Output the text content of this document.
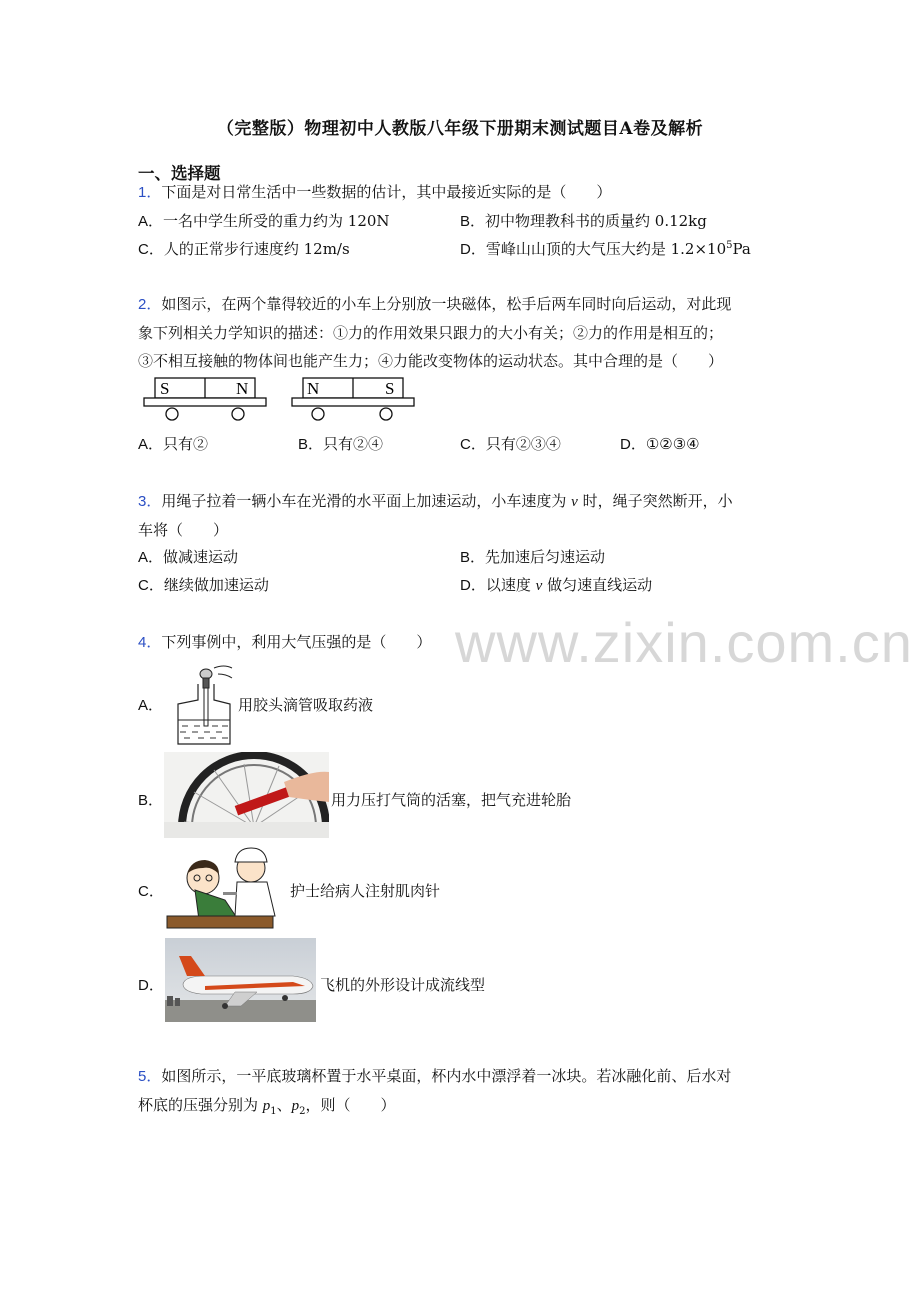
（完整版）物理初中人教版八年级下册期末测试题目A卷及解析
一、选择题
www.zixin.com.cn
1．下面是对日常生活中一些数据的估计，其中最接近实际的是（　　）
A．一名中学生所受的重力约为 120N	B．初中物理教科书的质量约 0.12kg
C．人的正常步行速度约 12m/s	D．雪峰山山顶的大气压大约是 $1.2\times 10^5Pa$
2．如图示，在两个靠得较近的小车上分别放一块磁体，松手后两车同时向后运动，对此现
象下列相关力学知识的描述：①力的作用效果只跟力的大小有关；②力的作用是相互的；
③不相互接触的物体间也能产生力；④力能改变物体的运动状态。其中合理的是（　　）
S	N	N	S
A．只有②	B．只有②④	C．只有②③④	D．①②③④
3．用绳子拉着一辆小车在光滑的水平面上加速运动，小车速度为 v 时，绳子突然断开，小
车将（　　）
A．做减速运动	B．先加速后匀速运动
C．继续做加速运动	D．以速度 v 做匀速直线运动
4．下列事例中，利用大气压强的是（　　）
A．	用胶头滴管吸取药液
B．	用力压打气筒的活塞，把气充进轮胎
C．	护士给病人注射肌肉针
D．	飞机的外形设计成流线型
5．如图所示，一平底玻璃杯置于水平桌面，杯内水中漂浮着一冰块。若冰融化前、后水对
杯底的压强分别为 $p_1$、$p_2$，则（　　）
